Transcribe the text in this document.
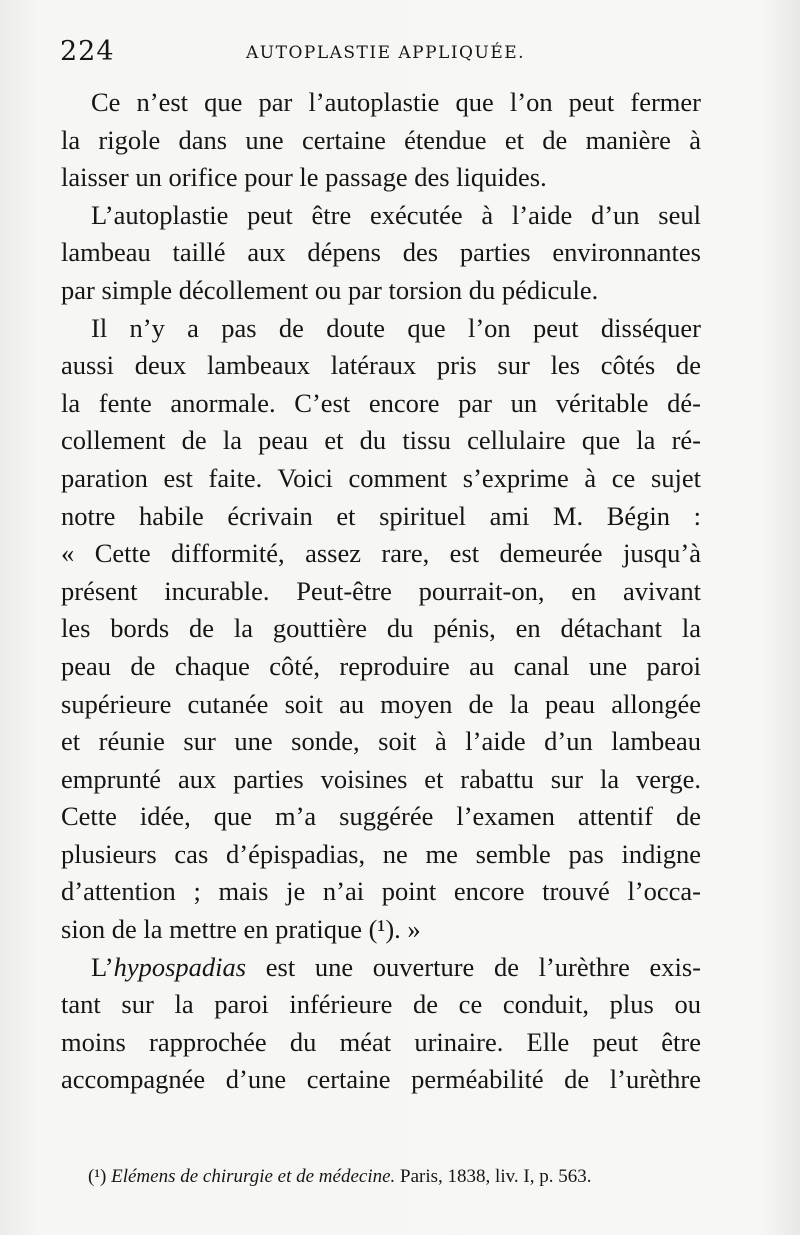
224	AUTOPLASTIE APPLIQUÉE.
Ce n’est que par l’autoplastie que l’on peut fermer
la rigole dans une certaine étendue et de manière à
laisser un orifice pour le passage des liquides.
L’autoplastie peut être exécutée à l’aide d’un seul
lambeau taillé aux dépens des parties environnantes
par simple décollement ou par torsion du pédicule.
Il n’y a pas de doute que l’on peut disséquer
aussi deux lambeaux latéraux pris sur les côtés de
la fente anormale. C’est encore par un véritable dé-
collement de la peau et du tissu cellulaire que la ré-
paration est faite. Voici comment s’exprime à ce sujet
notre habile écrivain et spirituel ami M. Bégin :
« Cette difformité, assez rare, est demeurée jusqu’à
présent incurable. Peut-être pourrait-on, en avivant
les bords de la gouttière du pénis, en détachant la
peau de chaque côté, reproduire au canal une paroi
supérieure cutanée soit au moyen de la peau allongée
et réunie sur une sonde, soit à l’aide d’un lambeau
emprunté aux parties voisines et rabattu sur la verge.
Cette idée, que m’a suggérée l’examen attentif de
plusieurs cas d’épispadias, ne me semble pas indigne
d’attention ; mais je n’ai point encore trouvé l’occa-
sion de la mettre en pratique (¹). »
L’hypospadias est une ouverture de l’urèthre exis-
tant sur la paroi inférieure de ce conduit, plus ou
moins rapprochée du méat urinaire. Elle peut être
accompagnée d’une certaine perméabilité de l’urèthre
(¹) Elémens de chirurgie et de médecine. Paris, 1838, liv. I, p. 563.
